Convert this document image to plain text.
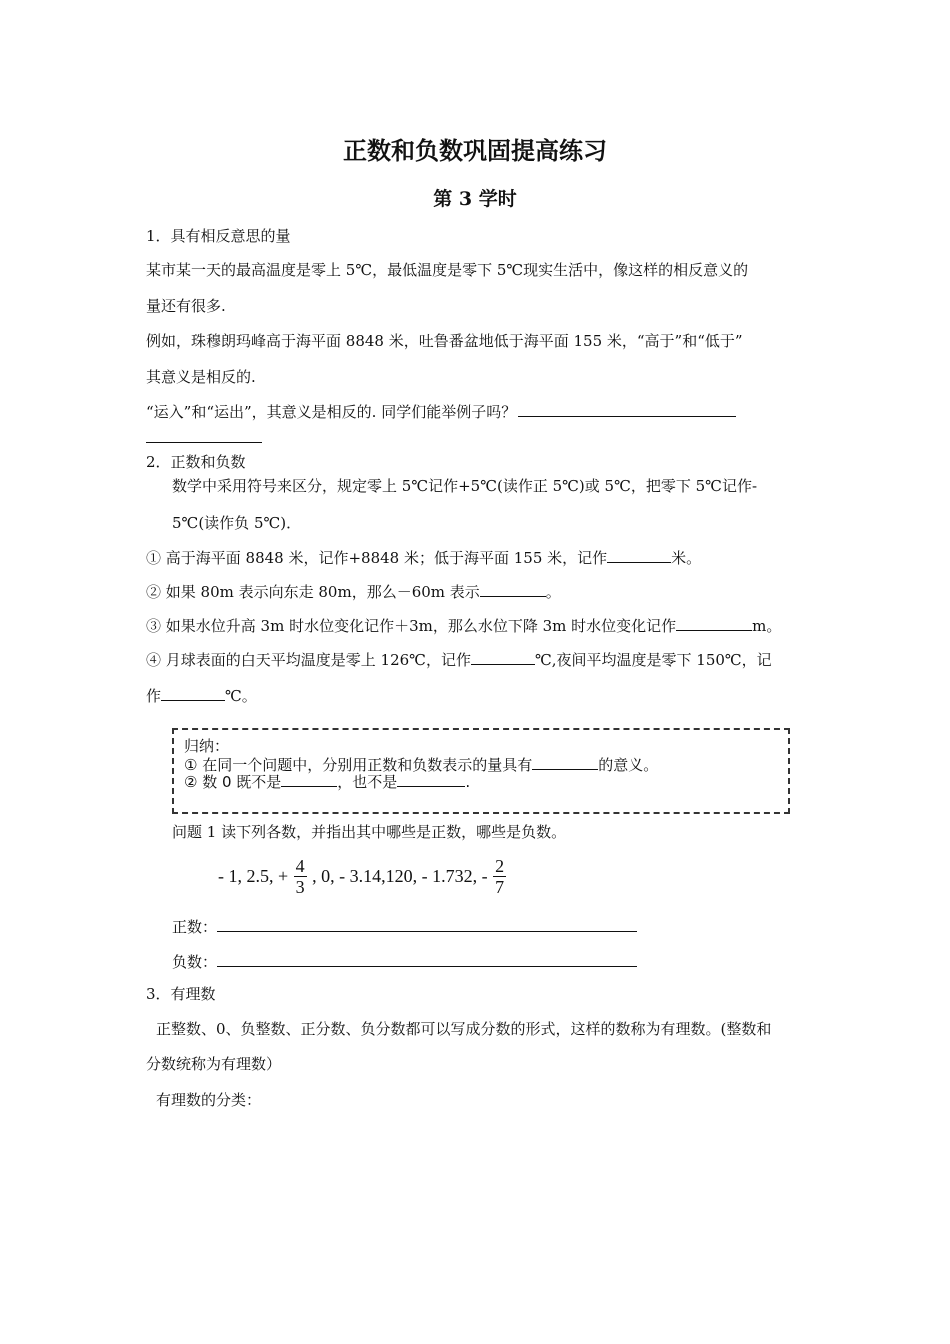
正数和负数巩固提高练习
第 3 学时
1．具有相反意思的量
某市某一天的最高温度是零上 5℃，最低温度是零下 5℃现实生活中，像这样的相反意义的
量还有很多.
例如，珠穆朗玛峰高于海平面 8848 米，吐鲁番盆地低于海平面 155 米，“高于”和“低于”
其意义是相反的.
“运入”和“运出”，其意义是相反的. 同学们能举例子吗？
2．正数和负数
数学中采用符号来区分，规定零上 5℃记作+5℃(读作正 5℃)或 5℃，把零下 5℃记作-
5℃(读作负 5℃)．
① 高于海平面 8848 米，记作+8848 米；低于海平面 155 米，记作	米。
② 如果 80m 表示向东走 80m，那么－60m 表示	。
③ 如果水位升高 3m 时水位变化记作＋3m，那么水位下降 3m 时水位变化记作	m。
④ 月球表面的白天平均温度是零上 126℃，记作	℃,夜间平均温度是零下 150℃，记
作	℃。
归纳：
① 在同一个问题中，分别用正数和负数表示的量具有	的意义。
② 数 0 既不是	，也不是	.
问题 1 读下列各数，并指出其中哪些是正数，哪些是负数。
- 1, 2.5, + $\frac{4}{3}$ , 0, - 3.14,120, - 1.732, - $\frac{2}{7}$
正数：
负数：
3．有理数
正整数、0、负整数、正分数、负分数都可以写成分数的形式，这样的数称为有理数。(整数和
分数统称为有理数）
有理数的分类：
